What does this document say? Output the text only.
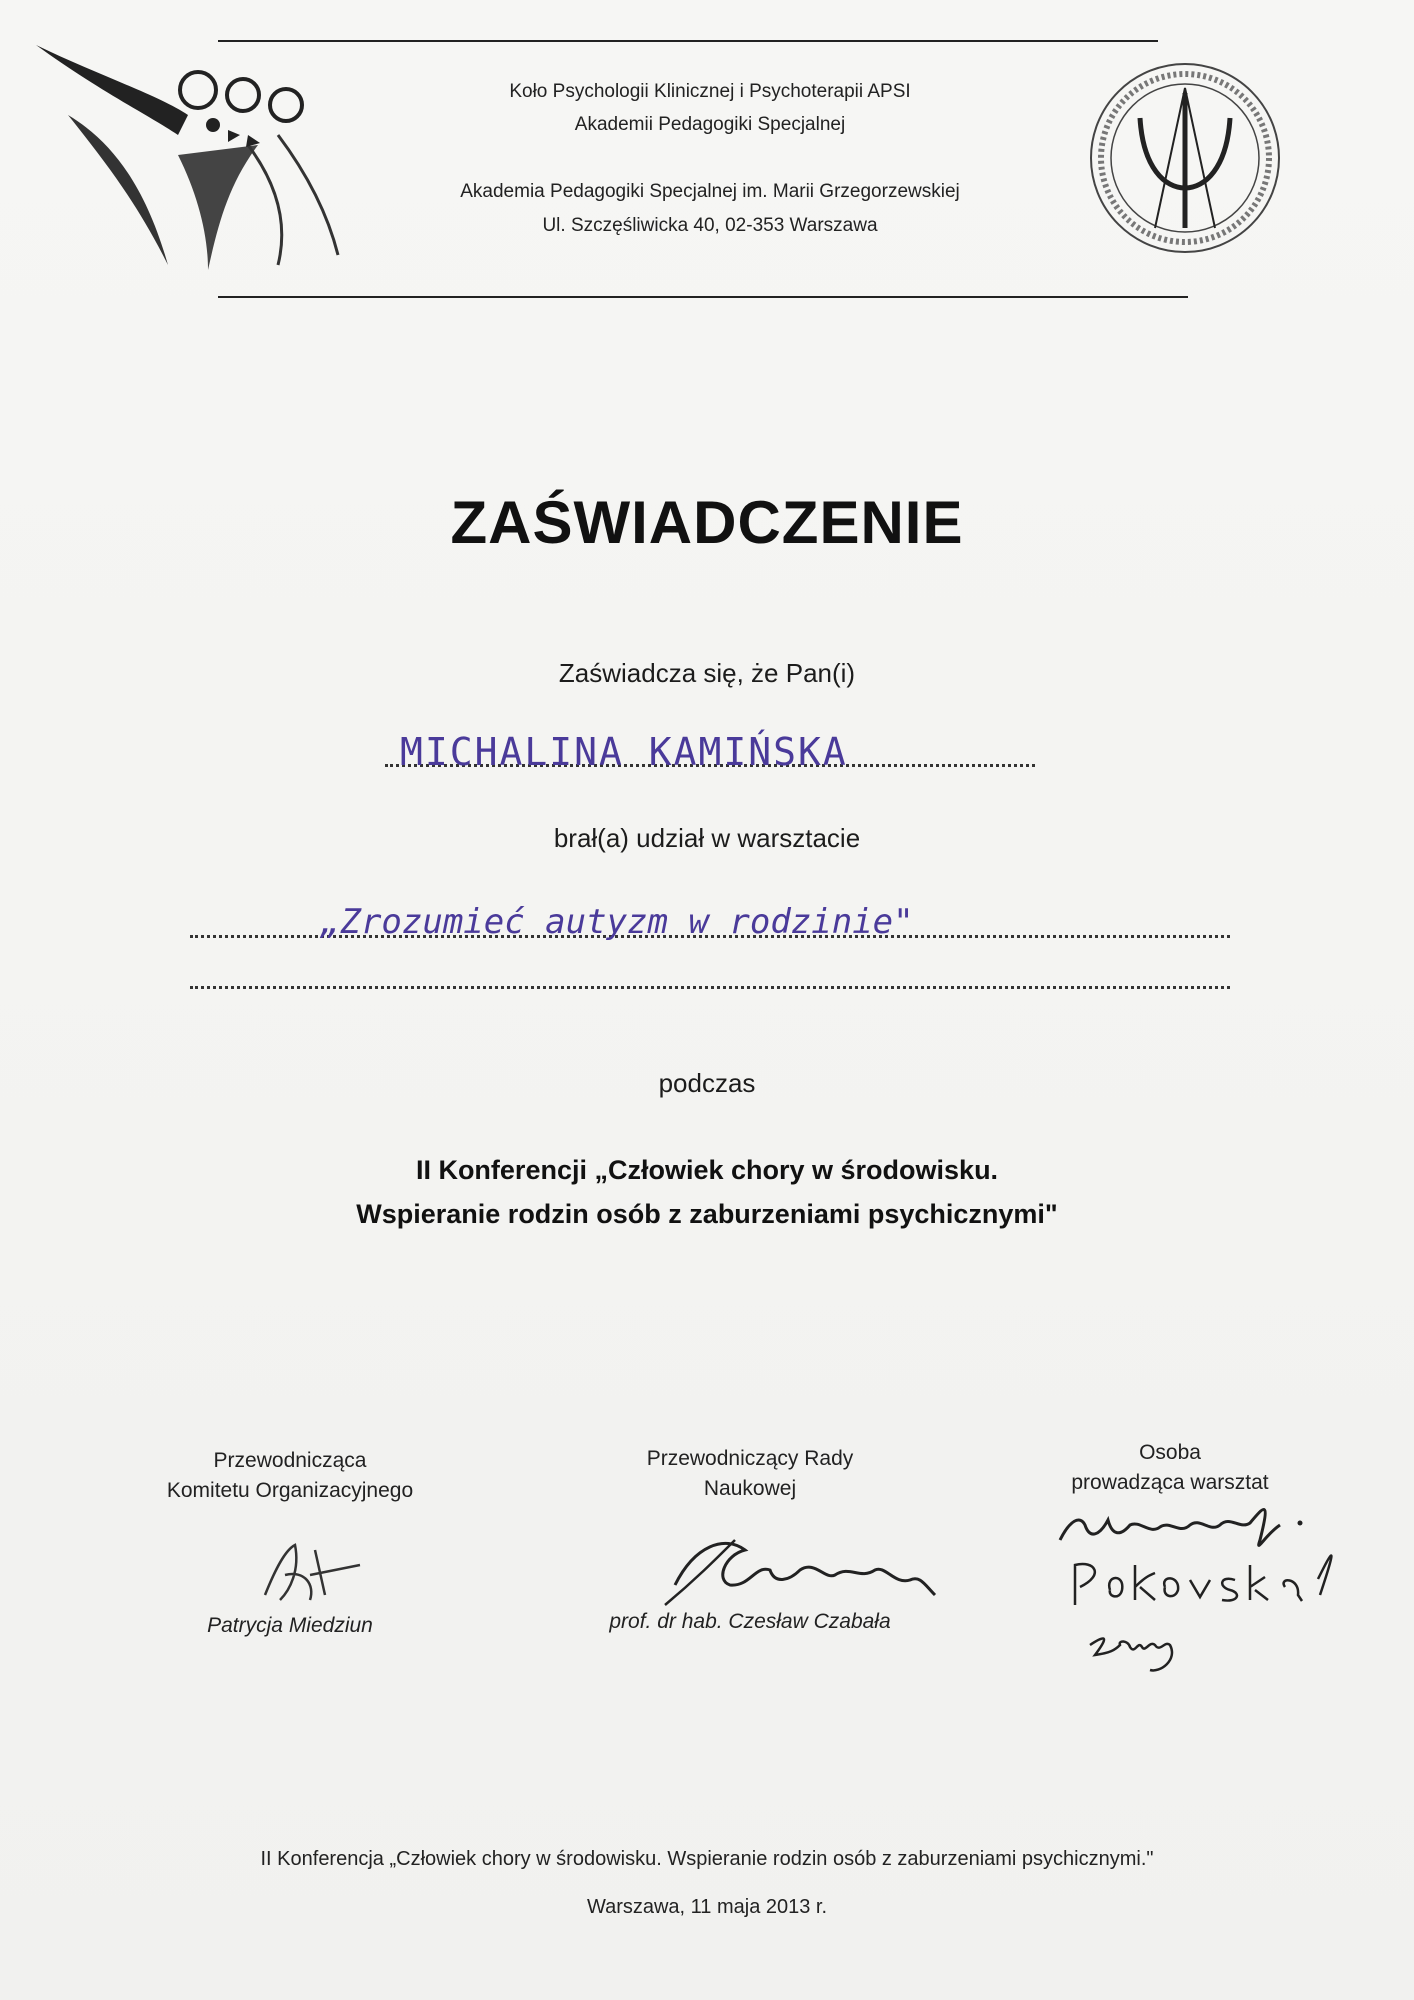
Koło Psychologii Klinicznej i Psychoterapii APSI
Akademii Pedagogiki Specjalnej
Akademia Pedagogiki Specjalnej im. Marii Grzegorzewskiej
Ul. Szczęśliwicka 40, 02-353 Warszawa
ZAŚWIADCZENIE
Zaświadcza się, że Pan(i)
MICHALINA KAMIŃSKA
brał(a) udział w warsztacie
„Zrozumieć autyzm w rodzinie"
podczas
II Konferencji „Człowiek chory w środowisku.
Wspieranie rodzin osób z zaburzeniami psychicznymi"
Przewodnicząca
Komitetu Organizacyjnego
Patrycja Miedziun
Przewodniczący Rady
Naukowej
prof. dr hab. Czesław Czabała
Osoba
prowadząca warsztat
II Konferencja „Człowiek chory w środowisku. Wspieranie rodzin osób z zaburzeniami psychicznymi."
Warszawa, 11 maja 2013 r.
